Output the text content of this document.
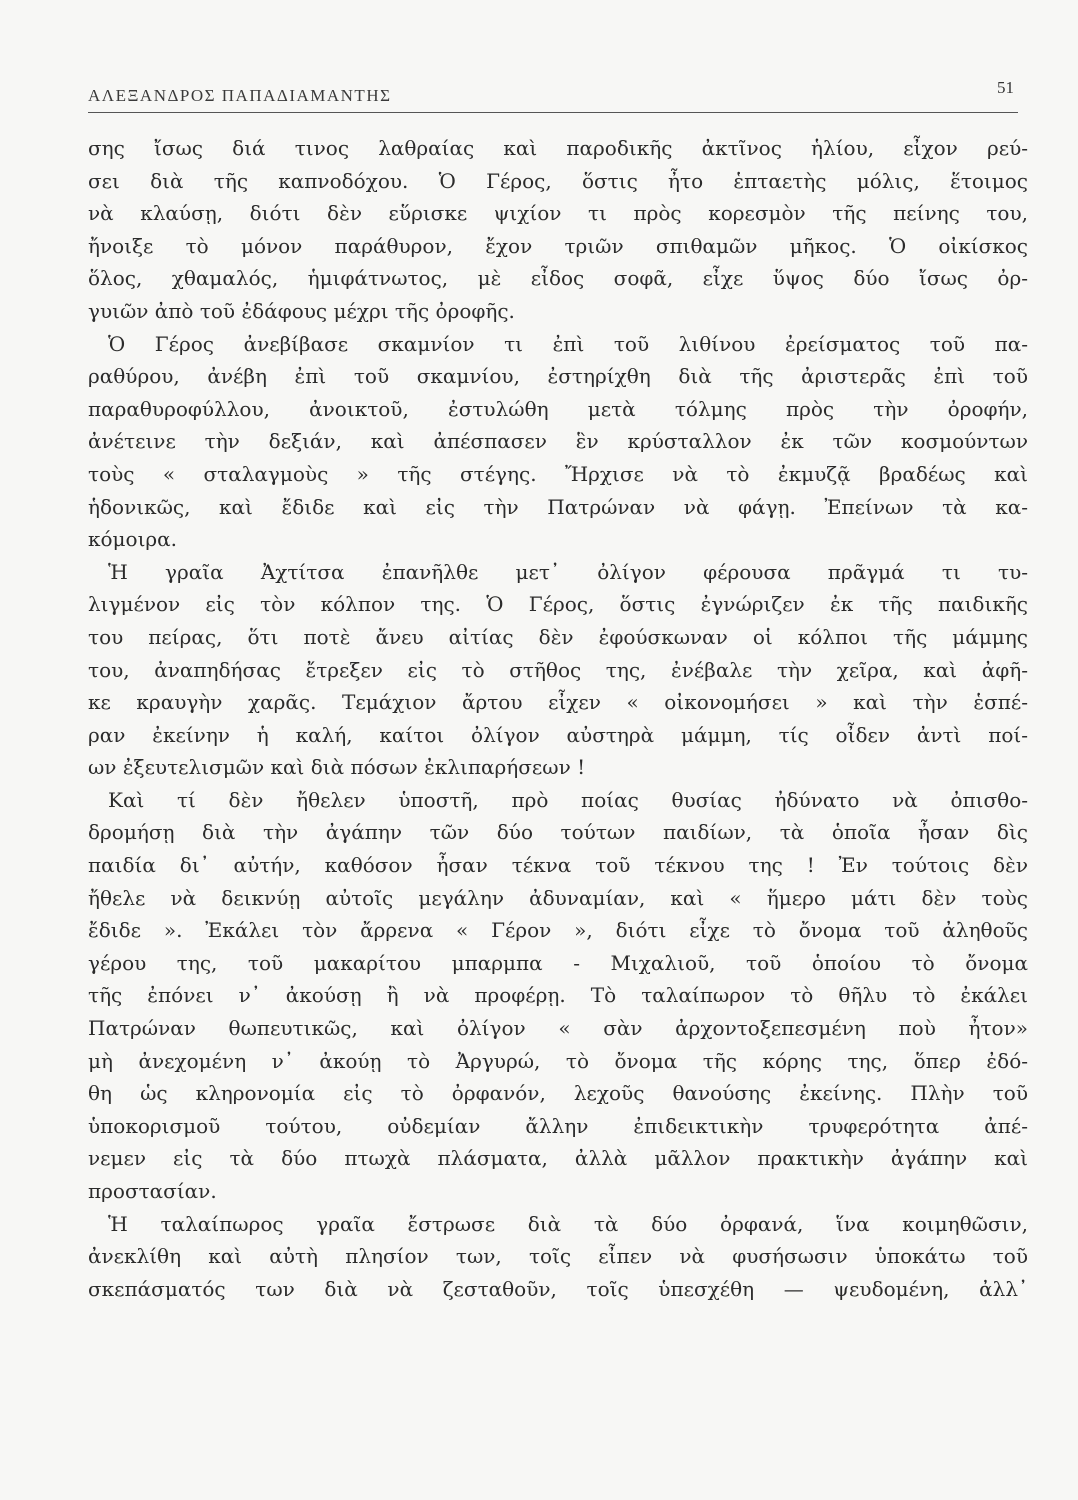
ΑΛΕΞΑΝΔΡΟΣ ΠΑΠΑΔΙΑΜΑΝΤΗΣ	51
σης ἴσως διά τινος λαθραίας καὶ παροδικῆς ἀκτῖνος ἡλίου, εἶχον ρεύ-
σει διὰ τῆς καπνοδόχου. Ὁ Γέρος, ὅστις ἦτο ἑπταετὴς μόλις, ἕτοιμος
νὰ κλαύσῃ, διότι δὲν εὕρισκε ψιχίον τι πρὸς κορεσμὸν τῆς πείνης του,
ἤνοιξε τὸ μόνον παράθυρον, ἔχον τριῶν σπιθαμῶν μῆκος. Ὁ οἰκίσκος
ὅλος, χθαμαλός, ἡμιφάτνωτος, μὲ εἶδος σοφᾶ, εἶχε ὕψος δύο ἴσως ὀρ-
γυιῶν ἀπὸ τοῦ ἐδάφους μέχρι τῆς ὀροφῆς.
Ὁ Γέρος ἀνεβίβασε σκαμνίον τι ἐπὶ τοῦ λιθίνου ἐρείσματος τοῦ πα-
ραθύρου, ἀνέβη ἐπὶ τοῦ σκαμνίου, ἐστηρίχθη διὰ τῆς ἀριστερᾶς ἐπὶ τοῦ
παραθυροφύλλου, ἀνοικτοῦ, ἐστυλώθη μετὰ τόλμης πρὸς τὴν ὀροφήν,
ἀνέτεινε τὴν δεξιάν, καὶ ἀπέσπασεν ἓν κρύσταλλον ἐκ τῶν κοσμούντων
τοὺς « σταλαγμοὺς » τῆς στέγης. Ἤρχισε νὰ τὸ ἐκμυζᾷ βραδέως καὶ
ἡδονικῶς, καὶ ἔδιδε καὶ εἰς τὴν Πατρώναν νὰ φάγῃ. Ἐπείνων τὰ κα-
κόμοιρα.
Ἡ γραῖα Ἀχτίτσα ἐπανῆλθε μετ᾽ ὀλίγον φέρουσα πρᾶγμά τι τυ-
λιγμένον εἰς τὸν κόλπον της. Ὁ Γέρος, ὅστις ἐγνώριζεν ἐκ τῆς παιδικῆς
του πείρας, ὅτι ποτὲ ἄνευ αἰτίας δὲν ἐφούσκωναν οἱ κόλποι τῆς μάμμης
του, ἀναπηδήσας ἔτρεξεν εἰς τὸ στῆθος της, ἐνέβαλε τὴν χεῖρα, καὶ ἀφῆ-
κε κραυγὴν χαρᾶς. Τεμάχιον ἄρτου εἶχεν « οἰκονομήσει » καὶ τὴν ἑσπέ-
ραν ἐκείνην ἡ καλή, καίτοι ὀλίγον αὐστηρὰ μάμμη, τίς οἶδεν ἀντὶ ποί-
ων ἐξευτελισμῶν καὶ διὰ πόσων ἐκλιπαρήσεων !
Καὶ τί δὲν ἤθελεν ὑποστῆ, πρὸ ποίας θυσίας ἠδύνατο νὰ ὀπισθο-
δρομήσῃ διὰ τὴν ἀγάπην τῶν δύο τούτων παιδίων, τὰ ὁποῖα ἦσαν δὶς
παιδία δι᾽ αὐτήν, καθόσον ἦσαν τέκνα τοῦ τέκνου της ! Ἐν τούτοις δὲν
ἤθελε νὰ δεικνύῃ αὐτοῖς μεγάλην ἀδυναμίαν, καὶ « ἥμερο μάτι δὲν τοὺς
ἔδιδε ». Ἐκάλει τὸν ἄρρενα « Γέρον », διότι εἶχε τὸ ὄνομα τοῦ ἀληθοῦς
γέρου της, τοῦ μακαρίτου μπαρμπα - Μιχαλιοῦ, τοῦ ὁποίου τὸ ὄνομα
τῆς ἐπόνει ν᾽ ἀκούσῃ ἢ νὰ προφέρῃ. Τὸ ταλαίπωρον τὸ θῆλυ τὸ ἐκάλει
Πατρώναν θωπευτικῶς, καὶ ὀλίγον « σὰν ἀρχοντοξεπεσμένη ποὺ ἦτον»
μὴ ἀνεχομένη ν᾽ ἀκούῃ τὸ Ἀργυρώ, τὸ ὄνομα τῆς κόρης της, ὅπερ ἐδό-
θη ὡς κληρονομία εἰς τὸ ὀρφανόν, λεχοῦς θανούσης ἐκείνης. Πλὴν τοῦ
ὑποκορισμοῦ τούτου, οὐδεμίαν ἄλλην ἐπιδεικτικὴν τρυφερότητα ἀπέ-
νεμεν εἰς τὰ δύο πτωχὰ πλάσματα, ἀλλὰ μᾶλλον πρακτικὴν ἀγάπην καὶ
προστασίαν.
Ἡ ταλαίπωρος γραῖα ἔστρωσε διὰ τὰ δύο ὀρφανά, ἵνα κοιμηθῶσιν,
ἀνεκλίθη καὶ αὐτὴ πλησίον των, τοῖς εἶπεν νὰ φυσήσωσιν ὑποκάτω τοῦ
σκεπάσματός των διὰ νὰ ζεσταθοῦν, τοῖς ὑπεσχέθη — ψευδομένη, ἀλλ᾽
